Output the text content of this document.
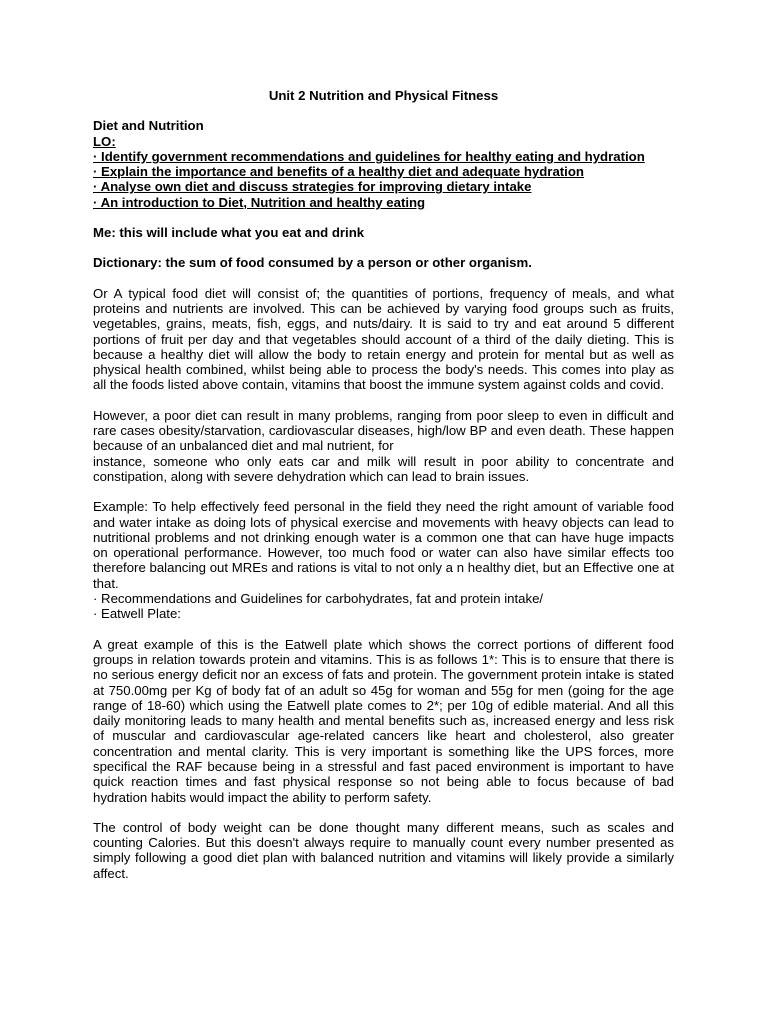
Unit 2 Nutrition and Physical Fitness
Diet and Nutrition
LO:
· Identify government recommendations and guidelines for healthy eating and hydration
· Explain the importance and benefits of a healthy diet and adequate hydration
· Analyse own diet and discuss strategies for improving dietary intake
· An introduction to Diet, Nutrition and healthy eating
Me: this will include what you eat and drink
Dictionary: the sum of food consumed by a person or other organism.

Or A typical food diet will consist of; the quantities of portions, frequency of meals, and what proteins and nutrients are involved. This can be achieved by varying food groups such as fruits, vegetables, grains, meats, fish, eggs, and nuts/dairy. It is said to try and eat around 5 different portions of fruit per day and that vegetables should account of a third of the daily dieting. This is because a healthy diet will allow the body to retain energy and protein for mental but as well as physical health combined, whilst being able to process the body's needs. This comes into play as all the foods listed above contain, vitamins that boost the immune system against colds and covid.

However, a poor diet can result in many problems, ranging from poor sleep to even in difficult and rare cases obesity/starvation, cardiovascular diseases, high/low BP and even death. These happen because of an unbalanced diet and mal nutrient, for

instance, someone who only eats car and milk will result in poor ability to concentrate and constipation, along with severe dehydration which can lead to brain issues.

Example: To help effectively feed personal in the field they need the right amount of variable food and water intake as doing lots of physical exercise and movements with heavy objects can lead to nutritional problems and not drinking enough water is a common one that can have huge impacts on operational performance. However, too much food or water can also have similar effects too therefore balancing out MREs and rations is vital to not only a n healthy diet, but an Effective one at that.

· Recommendations and Guidelines for carbohydrates, fat and protein intake/
· Eatwell Plate:

A great example of this is the Eatwell plate which shows the correct portions of different food groups in relation towards protein and vitamins. This is as follows 1*: This is to ensure that there is no serious energy deficit nor an excess of fats and protein. The government protein intake is stated at 750.00mg per Kg of body fat of an adult so 45g for woman and 55g for men (going for the age range of 18-60) which using the Eatwell plate comes to 2*; per 10g of edible material. And all this daily monitoring leads to many health and mental benefits such as, increased energy and less risk of muscular and cardiovascular age-related cancers like heart and cholesterol, also greater concentration and mental clarity. This is very important is something like the UPS forces, more specifical the RAF because being in a stressful and fast paced environment is important to have quick reaction times and fast physical response so not being able to focus because of bad hydration habits would impact the ability to perform safety.

The control of body weight can be done thought many different means, such as scales and counting Calories. But this doesn't always require to manually count every number presented as simply following a good diet plan with balanced nutrition and vitamins will likely provide a similarly affect.
